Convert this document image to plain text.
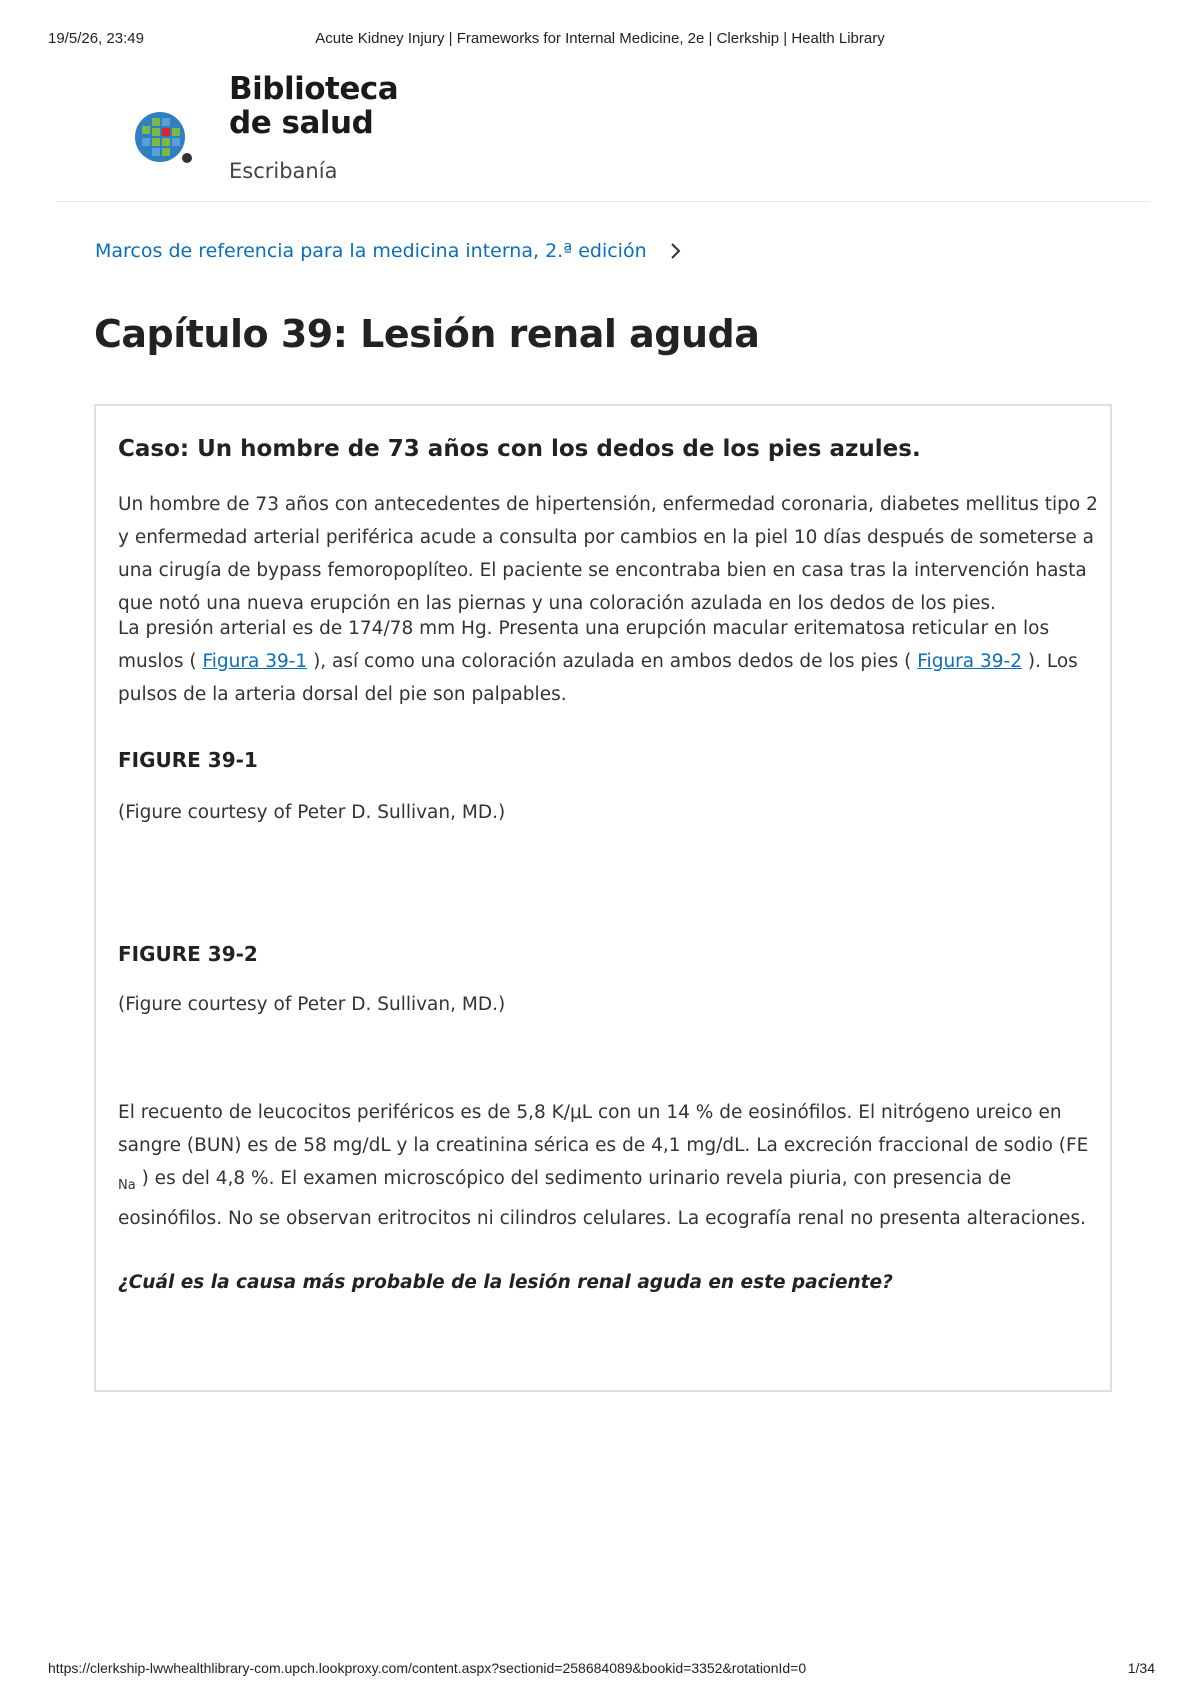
19/5/26, 23:49	Acute Kidney Injury | Frameworks for Internal Medicine, 2e | Clerkship | Health Library
Biblioteca
de salud
Escribanía
Marcos de referencia para la medicina interna, 2.ª edición
Capítulo 39: Lesión renal aguda
Caso: Un hombre de 73 años con los dedos de los pies azules.

Un hombre de 73 años con antecedentes de hipertensión, enfermedad coronaria, diabetes mellitus tipo 2 y enfermedad arterial periférica acude a consulta por cambios en la piel 10 días después de someterse a una cirugía de bypass femoropoplíteo. El paciente se encontraba bien en casa tras la intervención hasta que notó una nueva erupción en las piernas y una coloración azulada en los dedos de los pies.

La presión arterial es de 174/78 mm Hg. Presenta una erupción macular eritematosa reticular en los muslos ( Figura 39-1 ), así como una coloración azulada en ambos dedos de los pies ( Figura 39-2 ). Los pulsos de la arteria dorsal del pie son palpables.

FIGURE 39-1

(Figure courtesy of Peter D. Sullivan, MD.)

FIGURE 39-2

(Figure courtesy of Peter D. Sullivan, MD.)

El recuento de leucocitos periféricos es de 5,8 K/μL con un 14 % de eosinófilos. El nitrógeno ureico en sangre (BUN) es de 58 mg/dL y la creatinina sérica es de 4,1 mg/dL. La excreción fraccional de sodio (FE $_{Na}$ ) es del 4,8 %. El examen microscópico del sedimento urinario revela piuria, con presencia de eosinófilos. No se observan eritrocitos ni cilindros celulares. La ecografía renal no presenta alteraciones.

¿Cuál es la causa más probable de la lesión renal aguda en este paciente?

https://clerkship-lwwhealthlibrary-com.upch.lookproxy.com/content.aspx?sectionid=258684089&bookid=3352&rotationId=0	1/34
